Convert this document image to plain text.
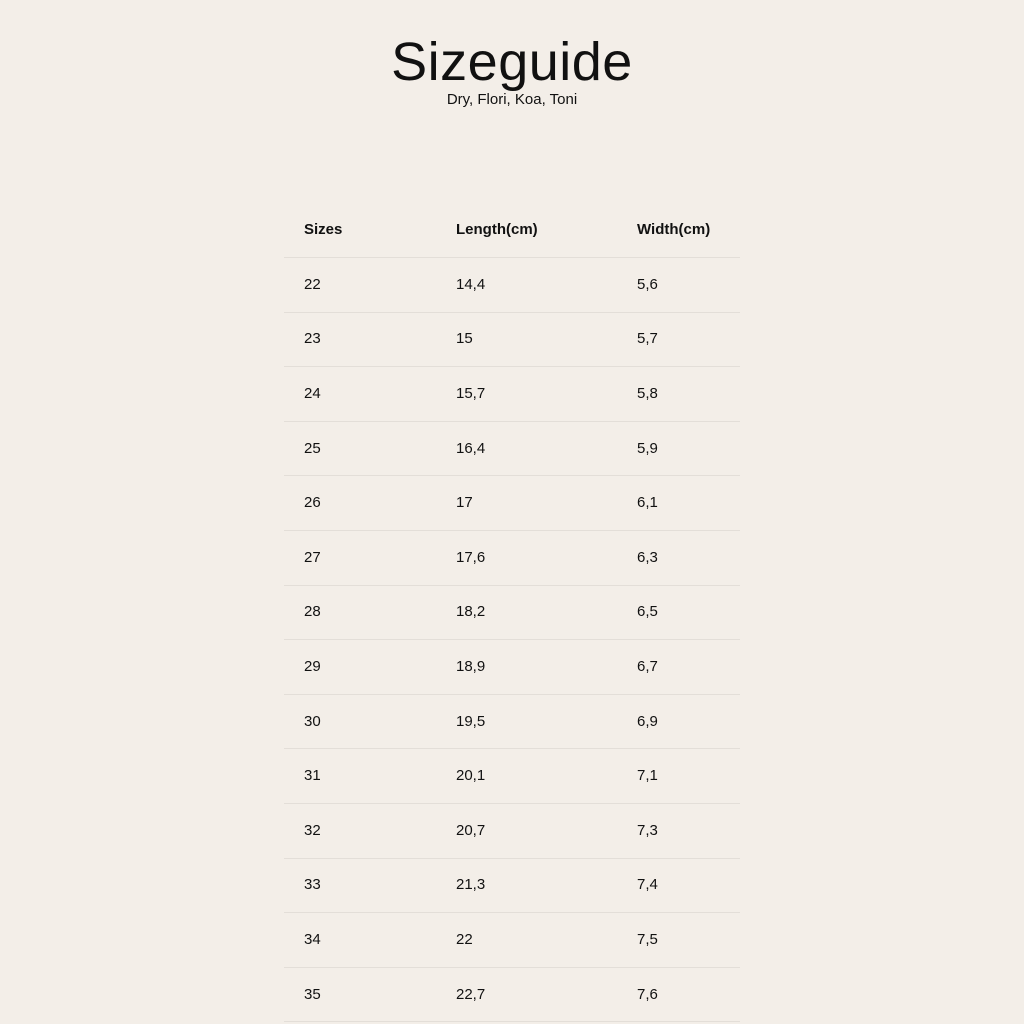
Sizeguide
Dry, Flori, Koa, Toni
Sizes	Length(cm)	Width(cm)
22	14,4	5,6
23	15	5,7
24	15,7	5,8
25	16,4	5,9
26	17	6,1
27	17,6	6,3
28	18,2	6,5
29	18,9	6,7
30	19,5	6,9
31	20,1	7,1
32	20,7	7,3
33	21,3	7,4
34	22	7,5
35	22,7	7,6
